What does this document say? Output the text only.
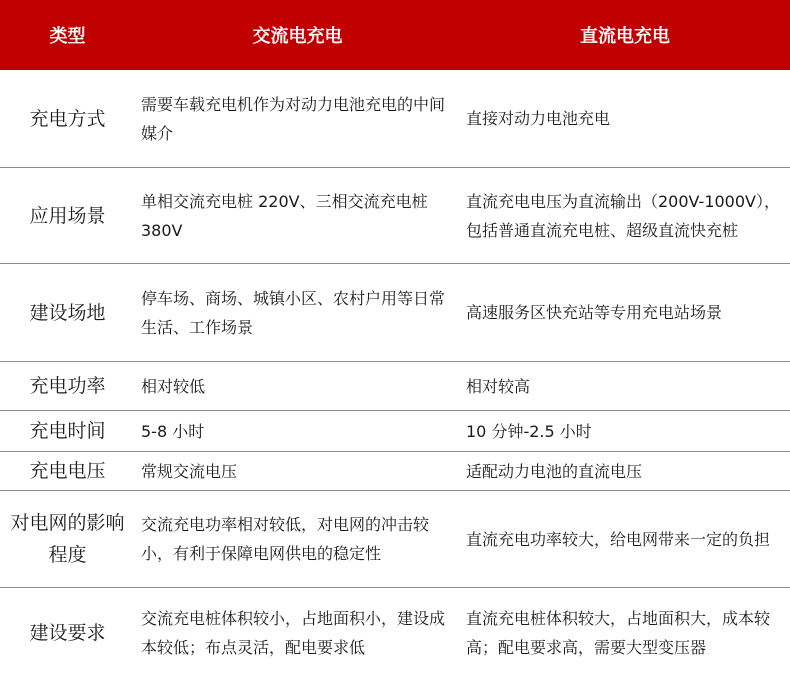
类型	交流电充电	直流电充电
充电方式	需要车载充电机作为对动力电池充电的中间媒介	直接对动力电池充电
应用场景	单相交流充电桩 220V、三相交流充电桩 380V	直流充电电压为直流输出（200V-1000V），包括普通直流充电桩、超级直流快充桩
建设场地	停车场、商场、城镇小区、农村户用等日常生活、工作场景	高速服务区快充站等专用充电站场景
充电功率	相对较低	相对较高
充电时间	5-8 小时	10 分钟-2.5 小时
充电电压	常规交流电压	适配动力电池的直流电压
对电网的影响程度	交流充电功率相对较低，对电网的冲击较小，有利于保障电网供电的稳定性	直流充电功率较大，给电网带来一定的负担
建设要求	交流充电桩体积较小，占地面积小，建设成本较低；布点灵活，配电要求低	直流充电桩体积较大，占地面积大，成本较高；配电要求高，需要大型变压器
